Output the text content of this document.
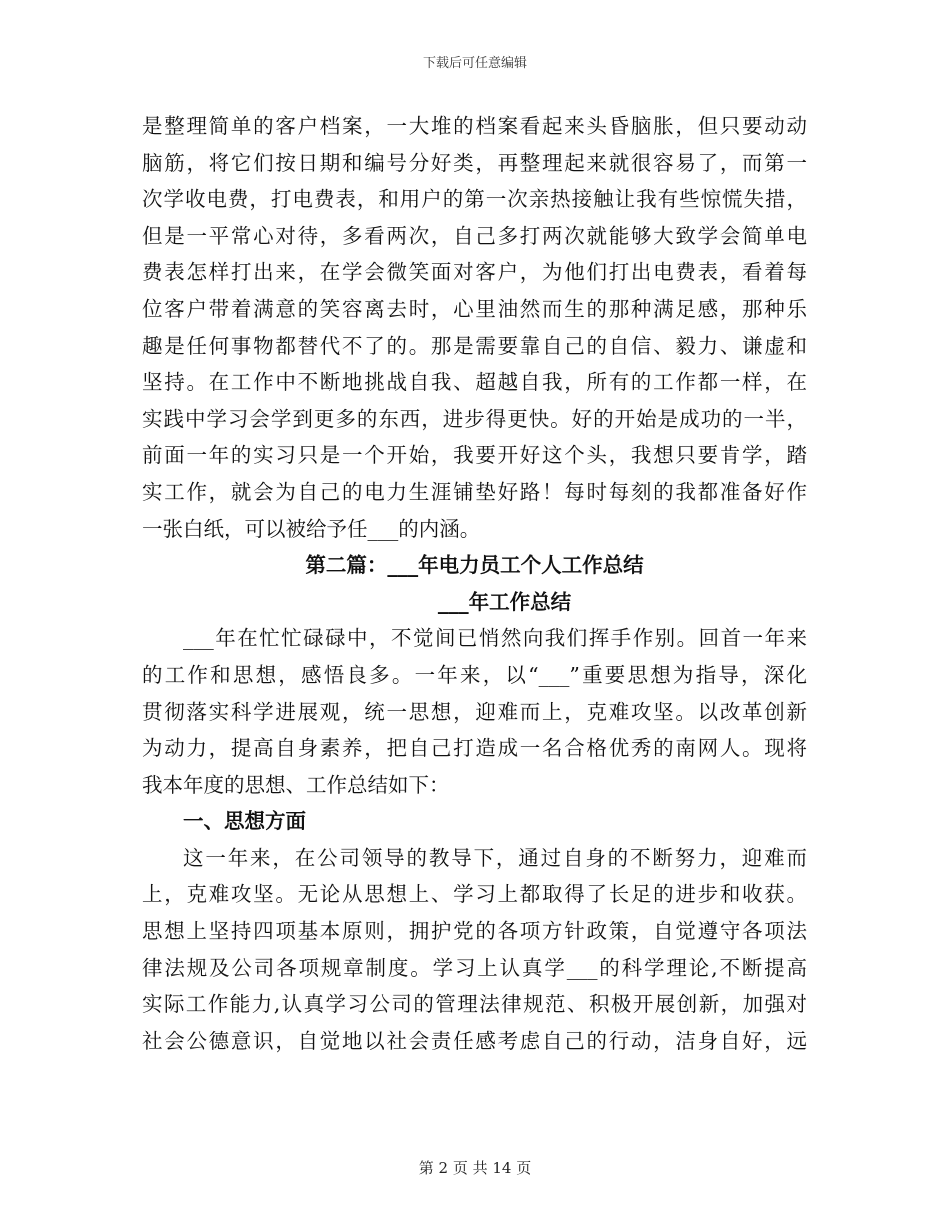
下载后可任意编辑
是整理简单的客户档案，一大堆的档案看起来头昏脑胀，但只要动动
脑筋，将它们按日期和编号分好类，再整理起来就很容易了，而第一
次学收电费，打电费表，和用户的第一次亲热接触让我有些惊慌失措，
但是一平常心对待，多看两次，自己多打两次就能够大致学会简单电
费表怎样打出来，在学会微笑面对客户，为他们打出电费表，看着每
位客户带着满意的笑容离去时，心里油然而生的那种满足感，那种乐
趣是任何事物都替代不了的。那是需要靠自己的自信、毅力、谦虚和
坚持。在工作中不断地挑战自我、超越自我，所有的工作都一样，在
实践中学习会学到更多的东西，进步得更快。好的开始是成功的一半，
前面一年的实习只是一个开始，我要开好这个头，我想只要肯学，踏
实工作，就会为自己的电力生涯铺垫好路！每时每刻的我都准备好作
一张白纸，可以被给予任___的内涵。
第二篇：___年电力员工个人工作总结
___年工作总结
___年在忙忙碌碌中，不觉间已悄然向我们挥手作别。回首一年来
的工作和思想，感悟良多。一年来，以“___”重要思想为指导，深化
贯彻落实科学进展观，统一思想，迎难而上，克难攻坚。以改革创新
为动力，提高自身素养，把自己打造成一名合格优秀的南网人。现将
我本年度的思想、工作总结如下：
一、思想方面
这一年来，在公司领导的教导下，通过自身的不断努力，迎难而
上，克难攻坚。无论从思想上、学习上都取得了长足的进步和收获。
思想上坚持四项基本原则，拥护党的各项方针政策，自觉遵守各项法
律法规及公司各项规章制度。学习上认真学___的科学理论,不断提高
实际工作能力,认真学习公司的管理法律规范、积极开展创新，加强对
社会公德意识，自觉地以社会责任感考虑自己的行动，洁身自好，远
第 2 页 共 14 页
